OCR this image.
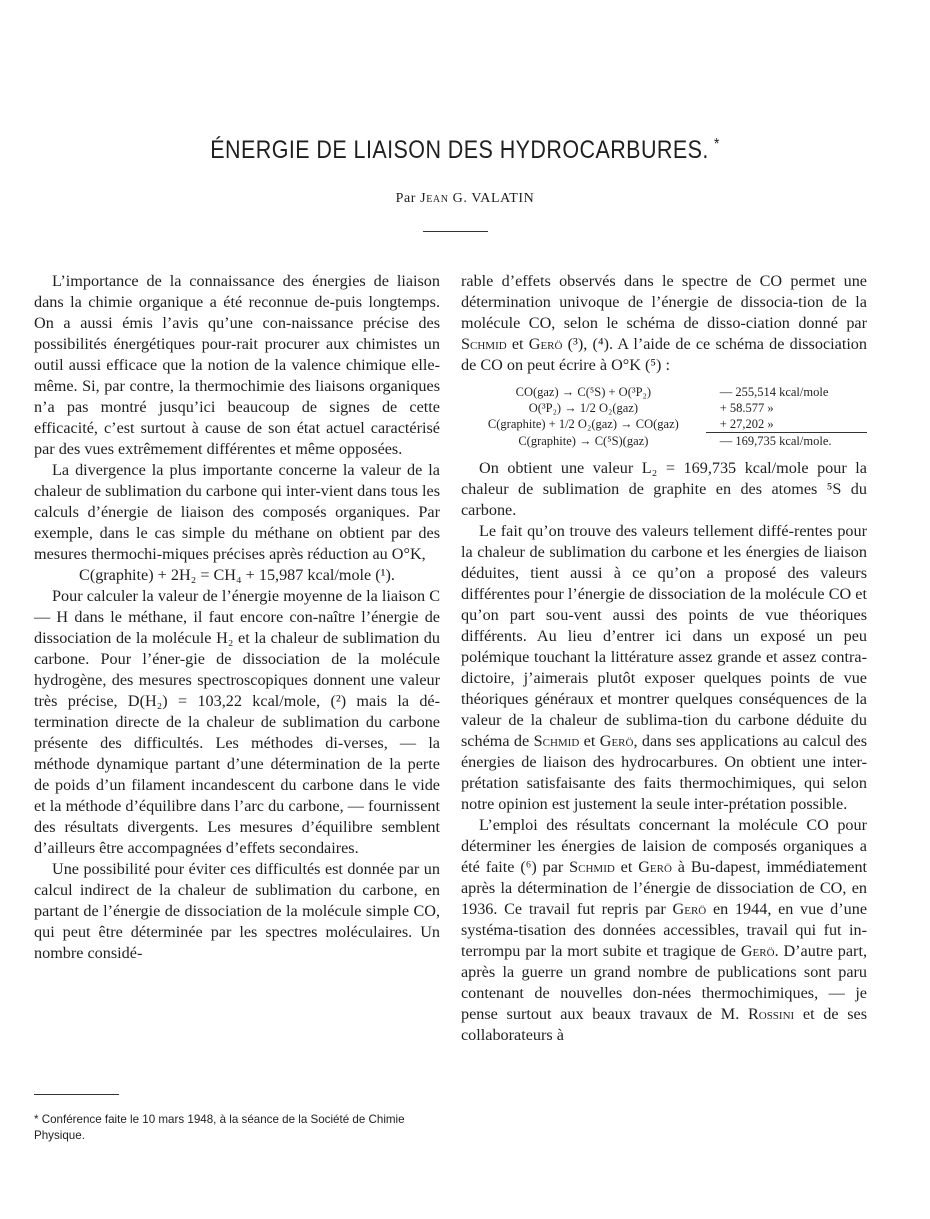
ÉNERGIE DE LIAISON DES HYDROCARBURES. *
Par Jean G. VALATIN

L’importance de la connaissance des énergies de liaison dans la chimie organique a été reconnue de-puis longtemps. On a aussi émis l’avis qu’une con-naissance précise des possibilités énergétiques pour-rait procurer aux chimistes un outil aussi efficace que la notion de la valence chimique elle-même. Si, par contre, la thermochimie des liaisons organiques n’a pas montré jusqu’ici beaucoup de signes de cette efficacité, c’est surtout à cause de son état actuel caractérisé par des vues extrêmement différentes et même opposées.

La divergence la plus importante concerne la valeur de la chaleur de sublimation du carbone qui inter-vient dans tous les calculs d’énergie de liaison des composés organiques. Par exemple, dans le cas simple du méthane on obtient par des mesures thermochi-miques précises après réduction au O°K,

C(graphite) + 2H₂ = CH₄ + 15,987 kcal/mole (¹).

Pour calculer la valeur de l’énergie moyenne de la liaison C — H dans le méthane, il faut encore con-naître l’énergie de dissociation de la molécule H₂ et la chaleur de sublimation du carbone. Pour l’éner-gie de dissociation de la molécule hydrogène, des mesures spectroscopiques donnent une valeur très précise, D(H₂) = 103,22 kcal/mole, (²) mais la dé-termination directe de la chaleur de sublimation du carbone présente des difficultés. Les méthodes di-verses, — la méthode dynamique partant d’une détermination de la perte de poids d’un filament incandescent du carbone dans le vide et la méthode d’équilibre dans l’arc du carbone, — fournissent des résultats divergents. Les mesures d’équilibre semblent d’ailleurs être accompagnées d’effets secondaires.

Une possibilité pour éviter ces difficultés est donnée par un calcul indirect de la chaleur de sublimation du carbone, en partant de l’énergie de dissociation de la molécule simple CO, qui peut être déterminée par les spectres moléculaires. Un nombre considé-

rable d’effets observés dans le spectre de CO permet une détermination univoque de l’énergie de dissocia-tion de la molécule CO, selon le schéma de disso-ciation donné par Schmid et Gerö (³), (⁴). A l’aide de ce schéma de dissociation de CO on peut écrire à O°K (⁵) :

CO(gaz) → C(⁵S) + O(³P₂)	— 255,514 kcal/mole
O(³P₂) → 1/2 O₂(gaz)	+ 58.577 »
C(graphite) + 1/2 O₂(gaz) → CO(gaz)	+ 27,202 »
C(graphite) → C(⁵S)(gaz)	— 169,735 kcal/mole.

On obtient une valeur L₂ = 169,735 kcal/mole pour la chaleur de sublimation de graphite en des atomes ⁵S du carbone.

Le fait qu’on trouve des valeurs tellement diffé-rentes pour la chaleur de sublimation du carbone et les énergies de liaison déduites, tient aussi à ce qu’on a proposé des valeurs différentes pour l’énergie de dissociation de la molécule CO et qu’on part sou-vent aussi des points de vue théoriques différents. Au lieu d’entrer ici dans un exposé un peu polémique touchant la littérature assez grande et assez contra-dictoire, j’aimerais plutôt exposer quelques points de vue théoriques généraux et montrer quelques conséquences de la valeur de la chaleur de sublima-tion du carbone déduite du schéma de Schmid et Gerö, dans ses applications au calcul des énergies de liaison des hydrocarbures. On obtient une inter-prétation satisfaisante des faits thermochimiques, qui selon notre opinion est justement la seule inter-prétation possible.

L’emploi des résultats concernant la molécule CO pour déterminer les énergies de laision de composés organiques a été faite (⁶) par Schmid et Gerö à Bu-dapest, immédiatement après la détermination de l’énergie de dissociation de CO, en 1936. Ce travail fut repris par Gerö en 1944, en vue d’une systéma-tisation des données accessibles, travail qui fut in-terrompu par la mort subite et tragique de Gerö. D’autre part, après la guerre un grand nombre de publications sont paru contenant de nouvelles don-nées thermochimiques, — je pense surtout aux beaux travaux de M. Rossini et de ses collaborateurs à

* Conférence faite le 10 mars 1948, à la séance de la Société de Chimie Physique.
